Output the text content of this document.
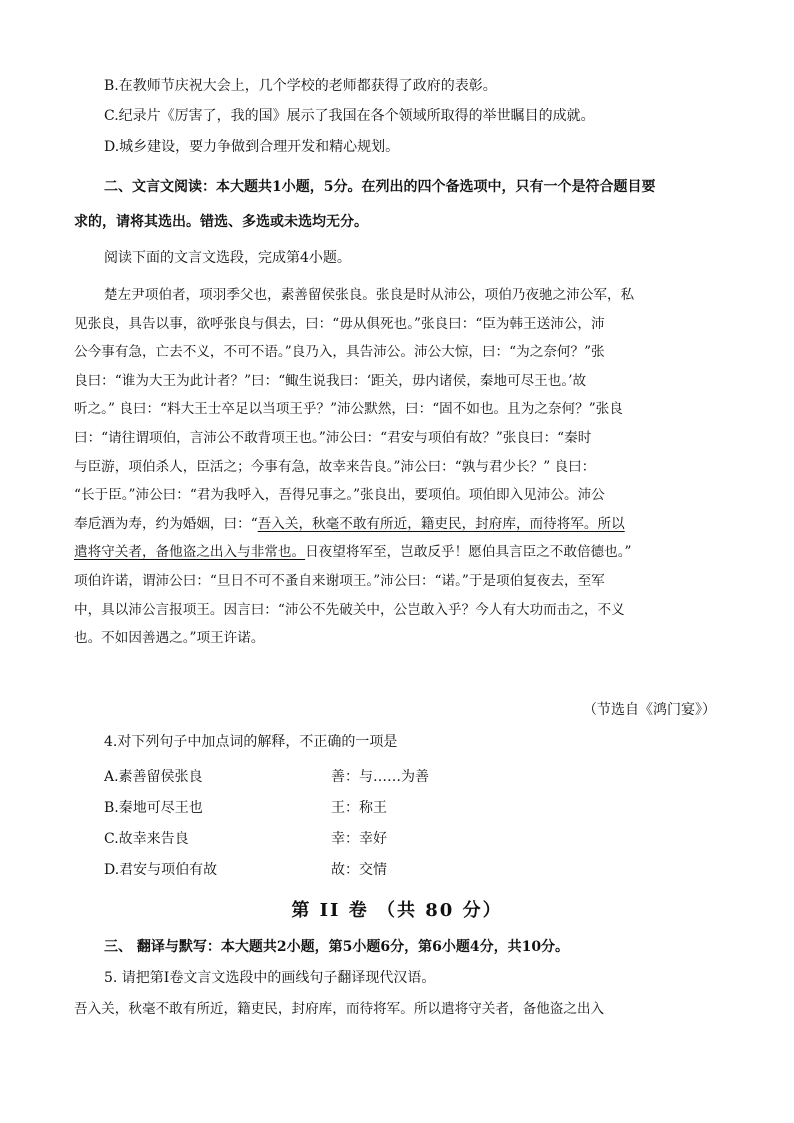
B.在教师节庆祝大会上，几个学校的老师都获得了政府的表彰。
C.纪录片《厉害了，我的国》展示了我国在各个领域所取得的举世瞩目的成就。
D.城乡建设，要力争做到合理开发和精心规划。
二、文言文阅读：本大题共1小题，5分。在列出的四个备选项中，只有一个是符合题目要
求的，请将其选出。错选、多选或未选均无分。
阅读下面的文言文选段，完成第4小题。
楚左尹项伯者，项羽季父也，素善留侯张良。张良是时从沛公，项伯乃夜驰之沛公军，私
见张良，具告以事，欲呼张良与俱去，曰：“毋从俱死也。”张良曰：“臣为韩王送沛公，沛
公今事有急，亡去不义，不可不语。”良乃入，具告沛公。沛公大惊，曰：“为之奈何？”张
良曰：“谁为大王为此计者？”曰：“鲰生说我曰：‘距关，毋内诸侯，秦地可尽王也。’故
听之。” 良曰：“料大王士卒足以当项王乎？”沛公默然，曰：“固不如也。且为之奈何？”张良
曰：“请往谓项伯，言沛公不敢背项王也。”沛公曰：“君安与项伯有故？”张良曰：“秦时
与臣游，项伯杀人，臣活之；今事有急，故幸来告良。”沛公曰：“孰与君少长？” 良曰：
“长于臣。”沛公曰：“君为我呼入，吾得兄事之。”张良出，要项伯。项伯即入见沛公。沛公
奉卮酒为寿，约为婚姻，曰：“吾入关，秋毫不敢有所近，籍吏民，封府库，而待将军。所以
遣将守关者，备他盗之出入与非常也。日夜望将军至，岂敢反乎！愿伯具言臣之不敢倍德也。”
项伯许诺，谓沛公曰：“旦日不可不蚤自来谢项王。”沛公曰：“诺。”于是项伯复夜去，至军
中，具以沛公言报项王。因言曰：“沛公不先破关中，公岂敢入乎？今人有大功而击之，不义
也。不如因善遇之。”项王许诺。
（节选自《鸿门宴》）
4.对下列句子中加点词的解释，不正确的一项是
A.素善留侯张良	善：与……为善
B.秦地可尽王也	王：称王
C.故幸来告良	幸：幸好
D.君安与项伯有故	故：交情
第 II 卷 （共 80 分）
三、 翻译与默写：本大题共2小题，第5小题6分，第6小题4分，共10分。
5. 请把第I卷文言文选段中的画线句子翻译现代汉语。
吾入关，秋毫不敢有所近，籍吏民，封府库，而待将军。所以遣将守关者，备他盗之出入
